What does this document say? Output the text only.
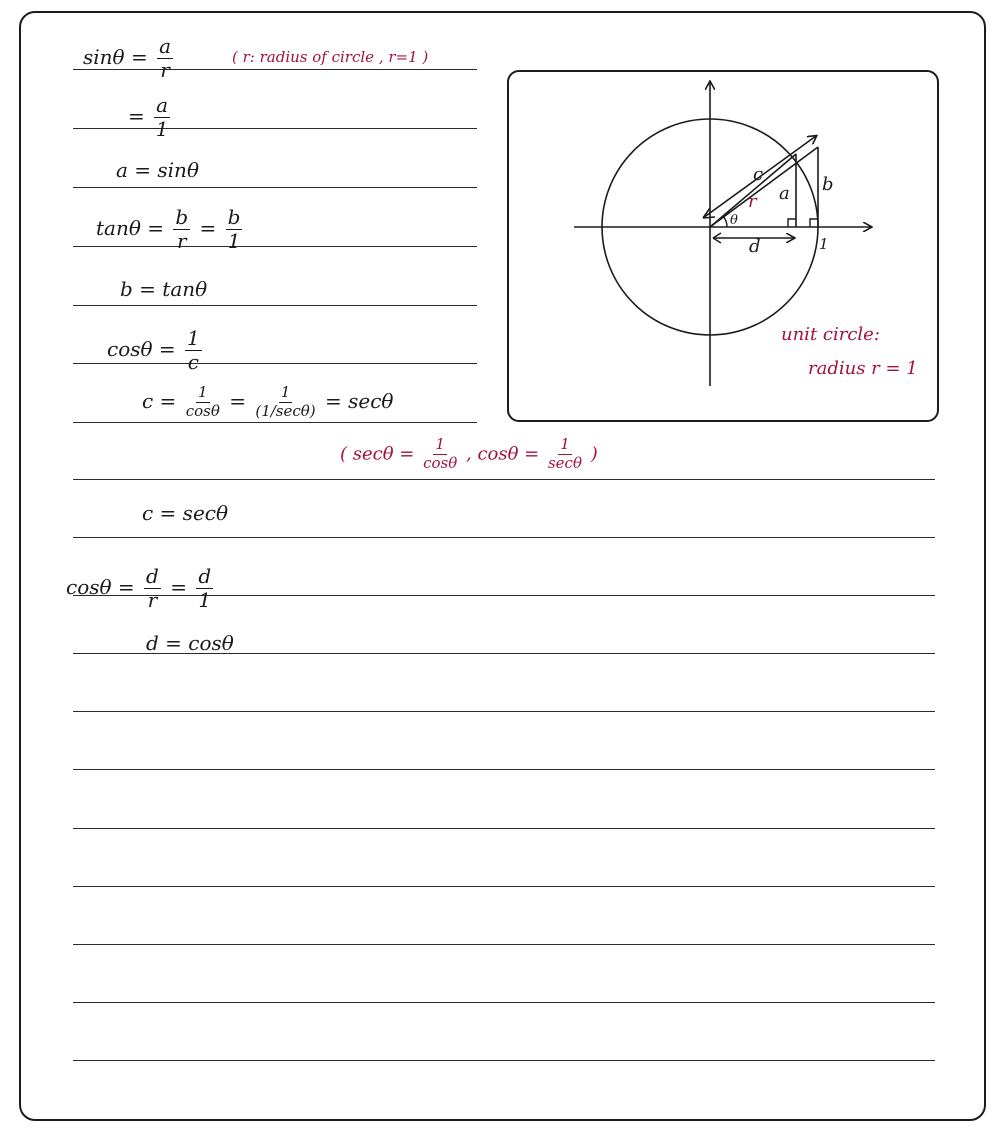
$\sin\theta = \frac{a}{r}$	( r: radius of circle , r=1 )
= $\frac{a}{1}$
a = sinθ
$\tan\theta = \frac{b}{r} = \frac{b}{1}$
b = tanθ
$\cos\theta = \frac{1}{c}$
$c = \frac{1}{\cos\theta} = \frac{1}{(1/\sec\theta)} = \sec\theta$
( $\sec\theta = \frac{1}{\cos\theta}$ , $\cos\theta = \frac{1}{\sec\theta}$ )
c = secθ
$\cos\theta = \frac{d}{r} = \frac{d}{1}$
d = cosθ
c
a b
r
θ
d	1
unit circle:
radius r = 1
